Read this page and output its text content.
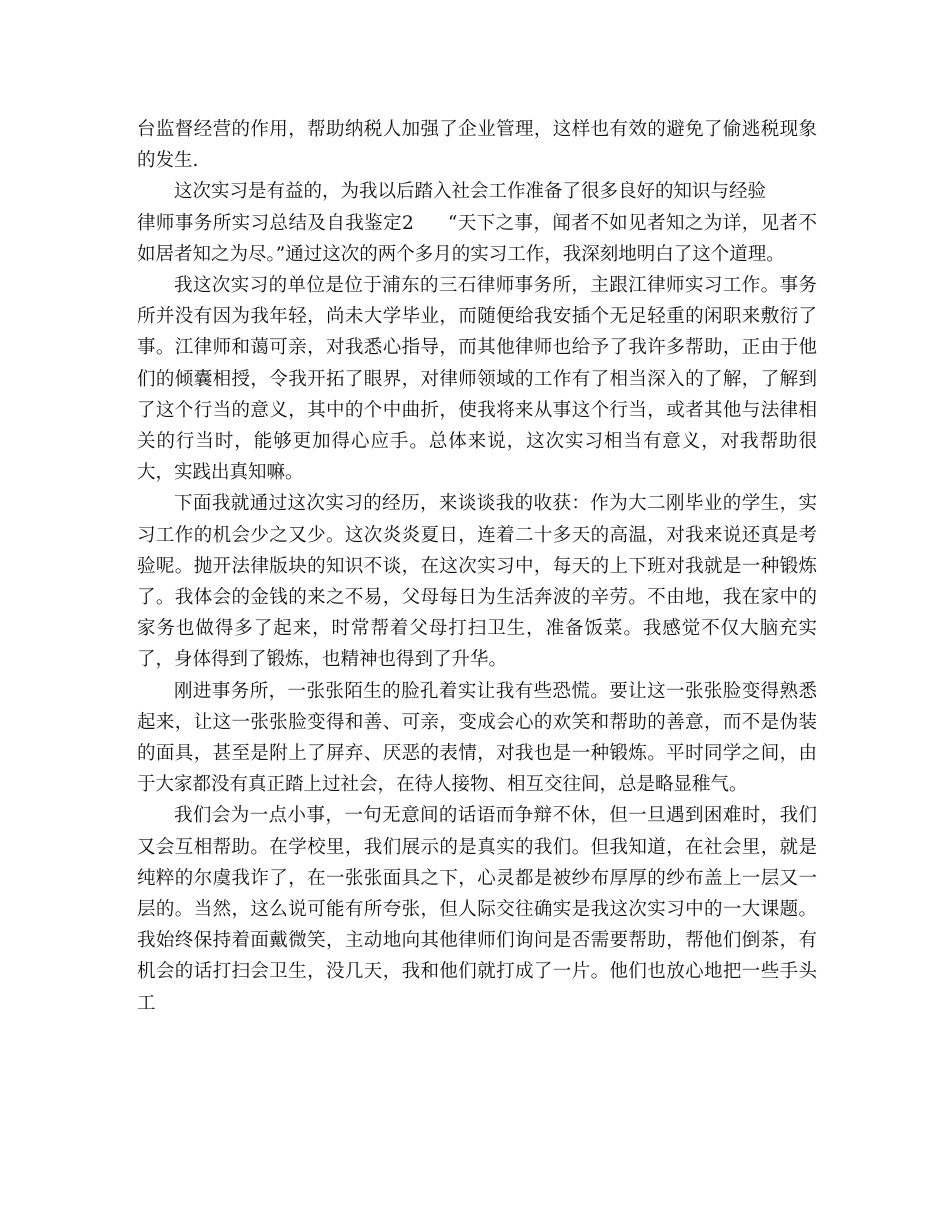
台监督经营的作用，帮助纳税人加强了企业管理，这样也有效的避免了偷逃税现象的发生.

这次实习是有益的，为我以后踏入社会工作准备了很多良好的知识与经验

律师事务所实习总结及自我鉴定2 “天下之事，闻者不如见者知之为详，见者不如居者知之为尽。”通过这次的两个多月的实习工作，我深刻地明白了这个道理。

我这次实习的单位是位于浦东的三石律师事务所，主跟江律师实习工作。事务所并没有因为我年轻，尚未大学毕业，而随便给我安插个无足轻重的闲职来敷衍了事。江律师和蔼可亲，对我悉心指导，而其他律师也给予了我许多帮助，正由于他们的倾囊相授，令我开拓了眼界，对律师领域的工作有了相当深入的了解，了解到了这个行当的意义，其中的个中曲折，使我将来从事这个行当，或者其他与法律相关的行当时，能够更加得心应手。总体来说，这次实习相当有意义，对我帮助很大，实践出真知嘛。

下面我就通过这次实习的经历，来谈谈我的收获：作为大二刚毕业的学生，实习工作的机会少之又少。这次炎炎夏日，连着二十多天的高温，对我来说还真是考验呢。抛开法律版块的知识不谈，在这次实习中，每天的上下班对我就是一种锻炼了。我体会的金钱的来之不易，父母每日为生活奔波的辛劳。不由地，我在家中的家务也做得多了起来，时常帮着父母打扫卫生，准备饭菜。我感觉不仅大脑充实了，身体得到了锻炼，也精神也得到了升华。

刚进事务所，一张张陌生的脸孔着实让我有些恐慌。要让这一张张脸变得熟悉起来，让这一张张脸变得和善、可亲，变成会心的欢笑和帮助的善意，而不是伪装的面具，甚至是附上了屏弃、厌恶的表情，对我也是一种锻炼。平时同学之间，由于大家都没有真正踏上过社会，在待人接物、相互交往间，总是略显稚气。

我们会为一点小事，一句无意间的话语而争辩不休，但一旦遇到困难时，我们又会互相帮助。在学校里，我们展示的是真实的我们。但我知道，在社会里，就是纯粹的尔虞我诈了，在一张张面具之下，心灵都是被纱布厚厚的纱布盖上一层又一层的。当然，这么说可能有所夸张，但人际交往确实是我这次实习中的一大课题。我始终保持着面戴微笑，主动地向其他律师们询问是否需要帮助，帮他们倒茶，有机会的话打扫会卫生，没几天，我和他们就打成了一片。他们也放心地把一些手头工
